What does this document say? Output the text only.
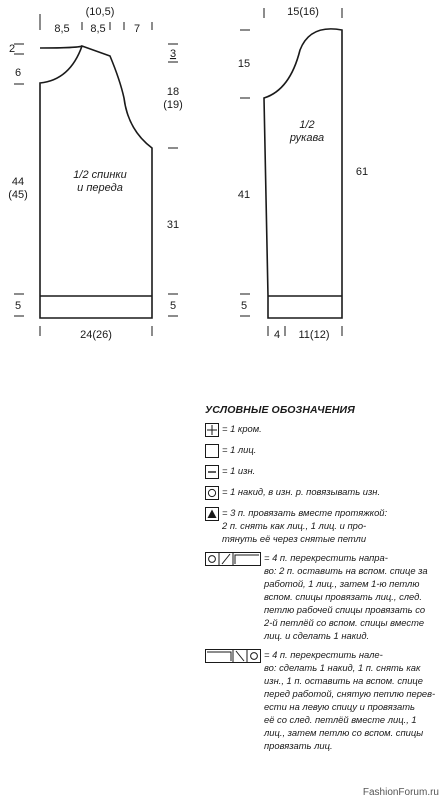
(10,5)
8,5 8,5	7
2
6
44 (45)
5
3
18 (19)
31
5
24(26)
1/2 спинки и переда
15(16)
15
41
5
61
4 11(12)
1/2 рукава
УСЛОВНЫЕ ОБОЗНАЧЕНИЯ
= 1 кром.
= 1 лиц.
= 1 изн.
= 1 накид, в изн. р. повязывать изн.
= 3 п. провязать вместе протяжкой:
2 п. снять как лиц., 1 лиц. и про-
тянуть её через снятые петли
= 4 п. перекрестить напра-
во: 2 п. оставить на вспом. спице за
работой, 1 лиц., затем 1-ю петлю
вспом. спицы провязать лиц., след.
петлю рабочей спицы провязать со
2-й петлёй со вспом. спицы вместе
лиц. и сделать 1 накид.
= 4 п. перекрестить нале-
во: сделать 1 накид, 1 п. снять как
изн., 1 п. оставить на вспом. спице
перед работой, снятую петлю перев-
ести на левую спицу и провязать
её со след. петлёй вместе лиц., 1
лиц., затем петлю со вспом. спицы
провязать лиц.
FashionForum.ru
